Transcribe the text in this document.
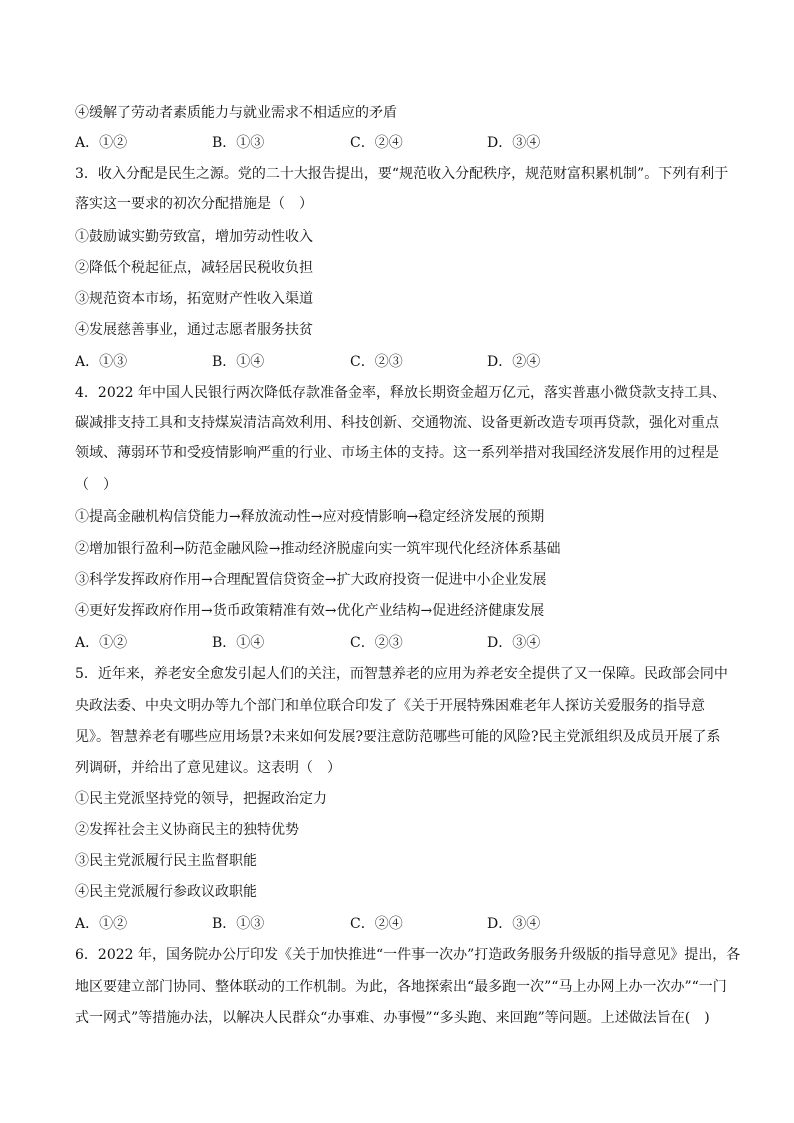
④缓解了劳动者素质能力与就业需求不相适应的矛盾
A．①②	B．①③	C．②④	D．③④
3．收入分配是民生之源。党的二十大报告提出，要“规范收入分配秩序，规范财富积累机制”。下列有利于
落实这一要求的初次分配措施是（　）
①鼓励诚实勤劳致富，增加劳动性收入
②降低个税起征点，减轻居民税收负担
③规范资本市场，拓宽财产性收入渠道
④发展慈善事业，通过志愿者服务扶贫
A．①③	B．①④	C．②③	D．②④
4．2022 年中国人民银行两次降低存款准备金率，释放长期资金超万亿元，落实普惠小微贷款支持工具、
碳减排支持工具和支持煤炭清洁高效利用、科技创新、交通物流、设备更新改造专项再贷款，强化对重点
领域、薄弱环节和受疫情影响严重的行业、市场主体的支持。这一系列举措对我国经济发展作用的过程是
（　）
①提高金融机构信贷能力→释放流动性→应对疫情影响→稳定经济发展的预期
②增加银行盈利→防范金融风险→推动经济脱虚向实一筑牢现代化经济体系基础
③科学发挥政府作用→合理配置信贷资金→扩大政府投资一促进中小企业发展
④更好发挥政府作用→货币政策精准有效→优化产业结构→促进经济健康发展
A．①②	B．①④	C．②③	D．③④
5．近年来，养老安全愈发引起人们的关注，而智慧养老的应用为养老安全提供了又一保障。民政部会同中
央政法委、中央文明办等九个部门和单位联合印发了《关于开展特殊困难老年人探访关爱服务的指导意
见》。智慧养老有哪些应用场景?未来如何发展?要注意防范哪些可能的风险?民主党派组织及成员开展了系
列调研，并给出了意见建议。这表明（　）
①民主党派坚持党的领导，把握政治定力
②发挥社会主义协商民主的独特优势
③民主党派履行民主监督职能
④民主党派履行参政议政职能
A．①②	B．①③	C．②④	D．③④
6．2022 年，国务院办公厅印发《关于加快推进“一件事一次办”打造政务服务升级版的指导意见》提出，各
地区要建立部门协同、整体联动的工作机制。为此，各地探索出“最多跑一次”“马上办网上办一次办”“一门
式一网式”等措施办法，以解决人民群众“办事难、办事慢”“多头跑、来回跑”等问题。上述做法旨在(　)
